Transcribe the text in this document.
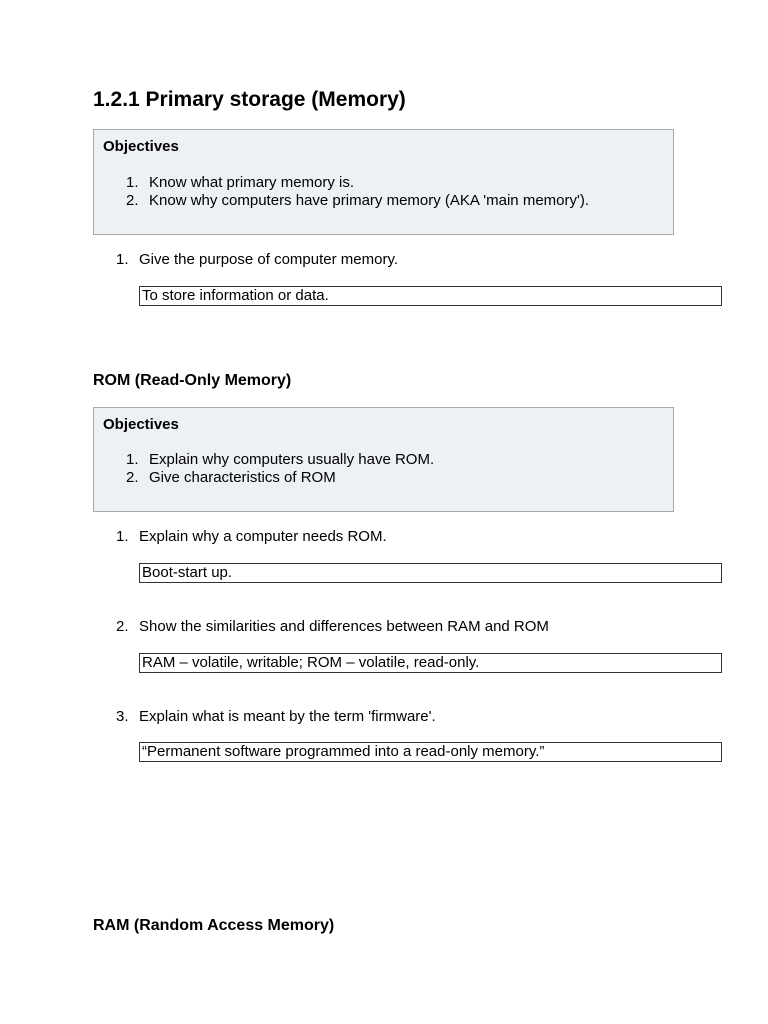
1.2.1 Primary storage (Memory)
Objectives
1. Know what primary memory is.
2. Know why computers have primary memory (AKA 'main memory').
1. Give the purpose of computer memory.
To store information or data.
ROM (Read-Only Memory)
Objectives
1. Explain why computers usually have ROM.
2. Give characteristics of ROM
1. Explain why a computer needs ROM.
Boot-start up.
2. Show the similarities and differences between RAM and ROM
RAM – volatile, writable; ROM – volatile, read-only.
3. Explain what is meant by the term 'firmware'.
“Permanent software programmed into a read-only memory.”
RAM (Random Access Memory)
